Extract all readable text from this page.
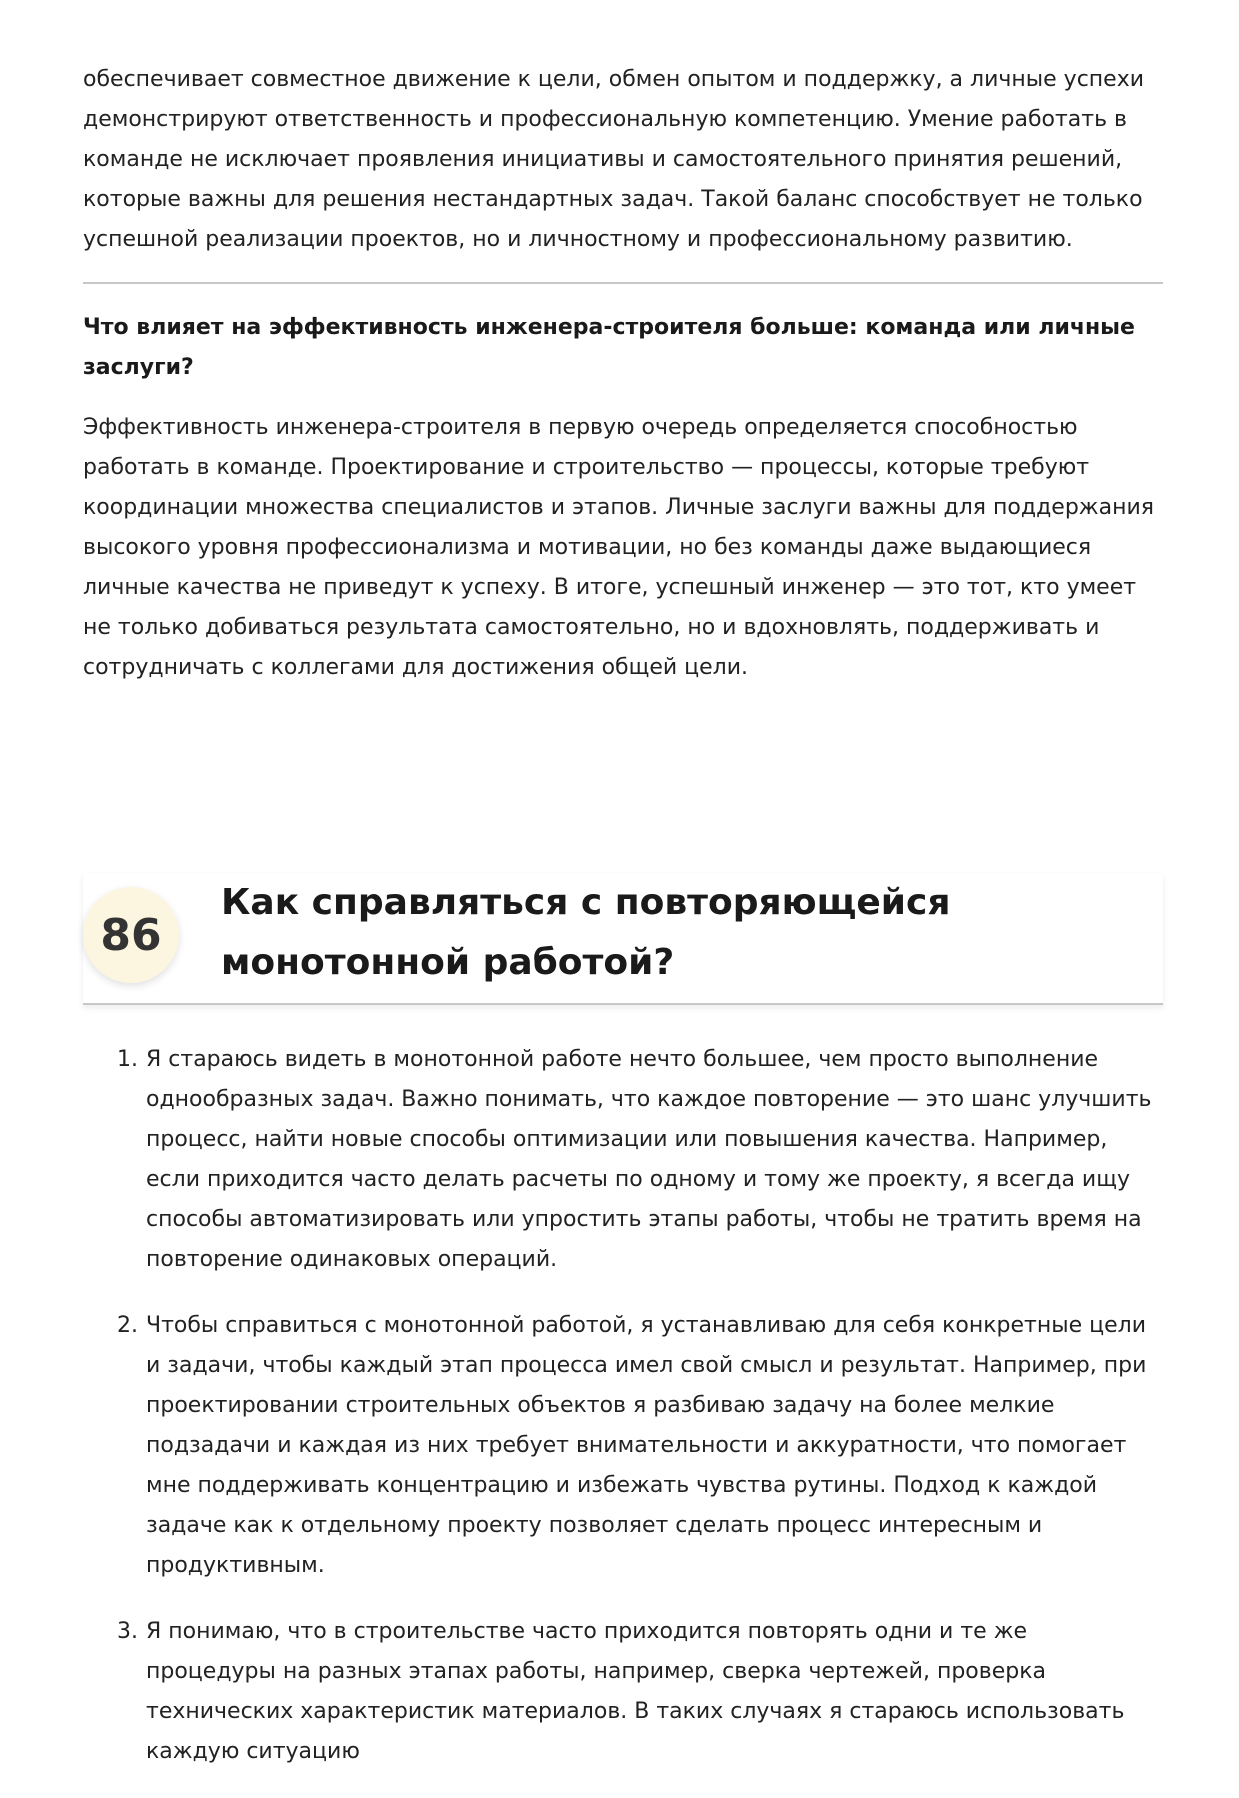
обеспечивает совместное движение к цели, обмен опытом и поддержку, а личные успехи демонстрируют ответственность и профессиональную компетенцию. Умение работать в команде не исключает проявления инициативы и самостоятельного принятия решений, которые важны для решения нестандартных задач. Такой баланс способствует не только успешной реализации проектов, но и личностному и профессиональному развитию.

Что влияет на эффективность инженера-строителя больше: команда или личные заслуги?

Эффективность инженера-строителя в первую очередь определяется способностью работать в команде. Проектирование и строительство — процессы, которые требуют координации множества специалистов и этапов. Личные заслуги важны для поддержания высокого уровня профессионализма и мотивации, но без команды даже выдающиеся личные качества не приведут к успеху. В итоге, успешный инженер — это тот, кто умеет не только добиваться результата самостоятельно, но и вдохновлять, поддерживать и сотрудничать с коллегами для достижения общей цели.

86
Как справляться с повторяющейся монотонной работой?
1. Я стараюсь видеть в монотонной работе нечто большее, чем просто выполнение однообразных задач. Важно понимать, что каждое повторение — это шанс улучшить процесс, найти новые способы оптимизации или повышения качества. Например, если приходится часто делать расчеты по одному и тому же проекту, я всегда ищу способы автоматизировать или упростить этапы работы, чтобы не тратить время на повторение одинаковых операций.
2. Чтобы справиться с монотонной работой, я устанавливаю для себя конкретные цели и задачи, чтобы каждый этап процесса имел свой смысл и результат. Например, при проектировании строительных объектов я разбиваю задачу на более мелкие подзадачи и каждая из них требует внимательности и аккуратности, что помогает мне поддерживать концентрацию и избежать чувства рутины. Подход к каждой задаче как к отдельному проекту позволяет сделать процесс интересным и продуктивным.
3. Я понимаю, что в строительстве часто приходится повторять одни и те же процедуры на разных этапах работы, например, сверка чертежей, проверка технических характеристик материалов. В таких случаях я стараюсь использовать каждую ситуацию
